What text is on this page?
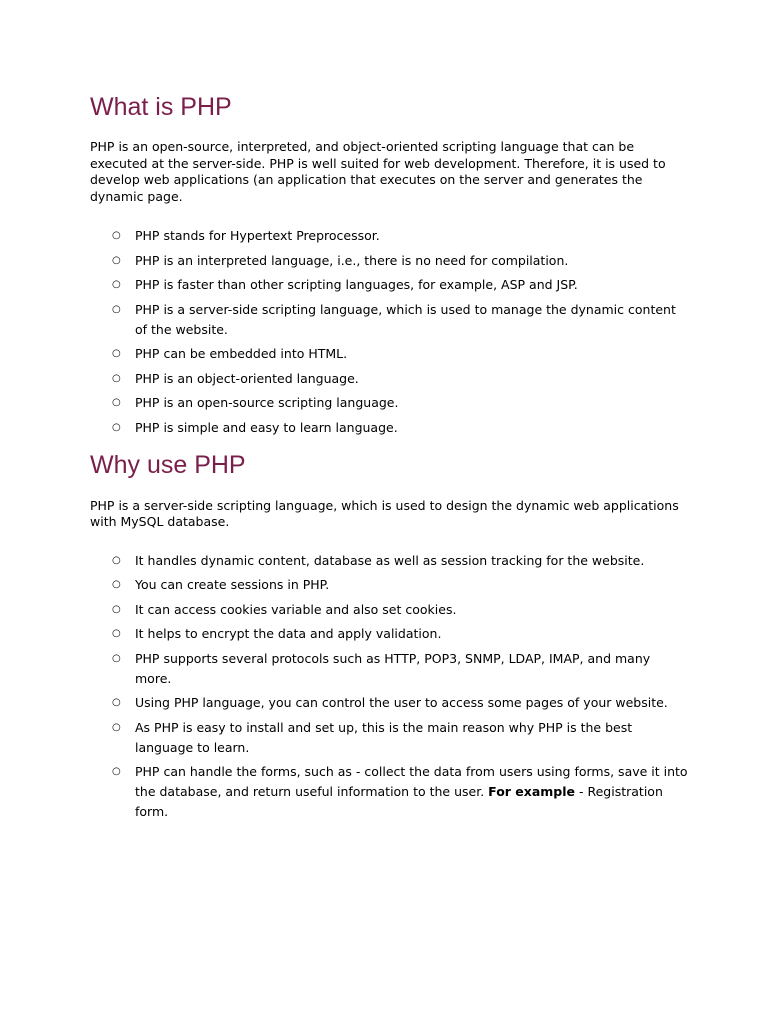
What is PHP

PHP is an open-source, interpreted, and object-oriented scripting language that can be executed at the server-side. PHP is well suited for web development. Therefore, it is used to develop web applications (an application that executes on the server and generates the dynamic page.

○ PHP stands for Hypertext Preprocessor.
○ PHP is an interpreted language, i.e., there is no need for compilation.
○ PHP is faster than other scripting languages, for example, ASP and JSP.
○ PHP is a server-side scripting language, which is used to manage the dynamic content of the website.
○ PHP can be embedded into HTML.
○ PHP is an object-oriented language.
○ PHP is an open-source scripting language.
○ PHP is simple and easy to learn language.
Why use PHP

PHP is a server-side scripting language, which is used to design the dynamic web applications with MySQL database.

○ It handles dynamic content, database as well as session tracking for the website.
○ You can create sessions in PHP.
○ It can access cookies variable and also set cookies.
○ It helps to encrypt the data and apply validation.
○ PHP supports several protocols such as HTTP, POP3, SNMP, LDAP, IMAP, and many more.
○ Using PHP language, you can control the user to access some pages of your website.
○ As PHP is easy to install and set up, this is the main reason why PHP is the best language to learn.
○ PHP can handle the forms, such as - collect the data from users using forms, save it into the database, and return useful information to the user. For example - Registration form.
